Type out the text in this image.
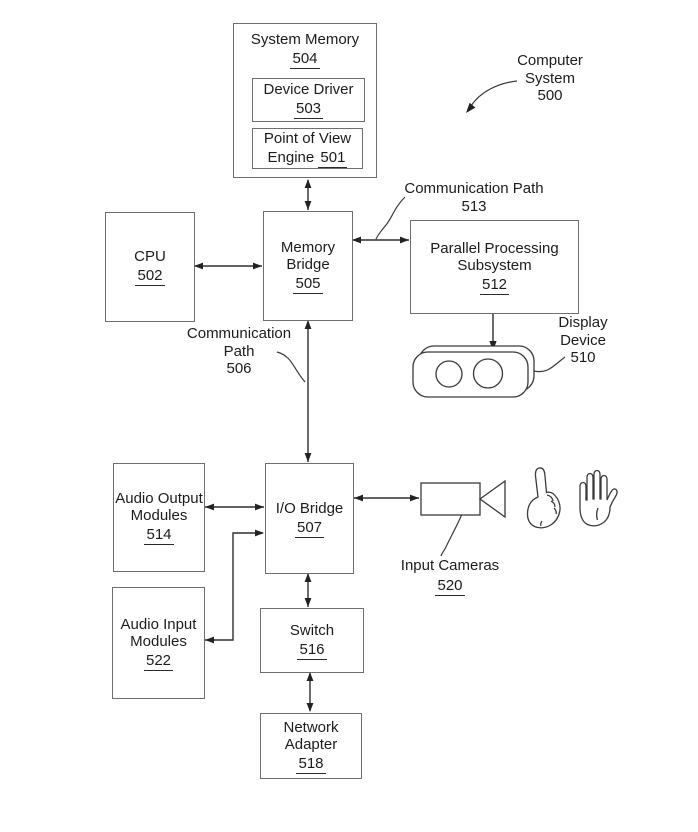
System Memory
504
Device Driver
503
Point of View Engine 501
CPU
502
Memory Bridge
505
Parallel Processing Subsystem
512
I/O Bridge
507
Audio Output Modules
514
Audio Input Modules
522
Switch
516
Network Adapter
518
Computer
System
500
Communication Path
513
Communication
Path
506
Display
Device
510
Input Cameras
520
